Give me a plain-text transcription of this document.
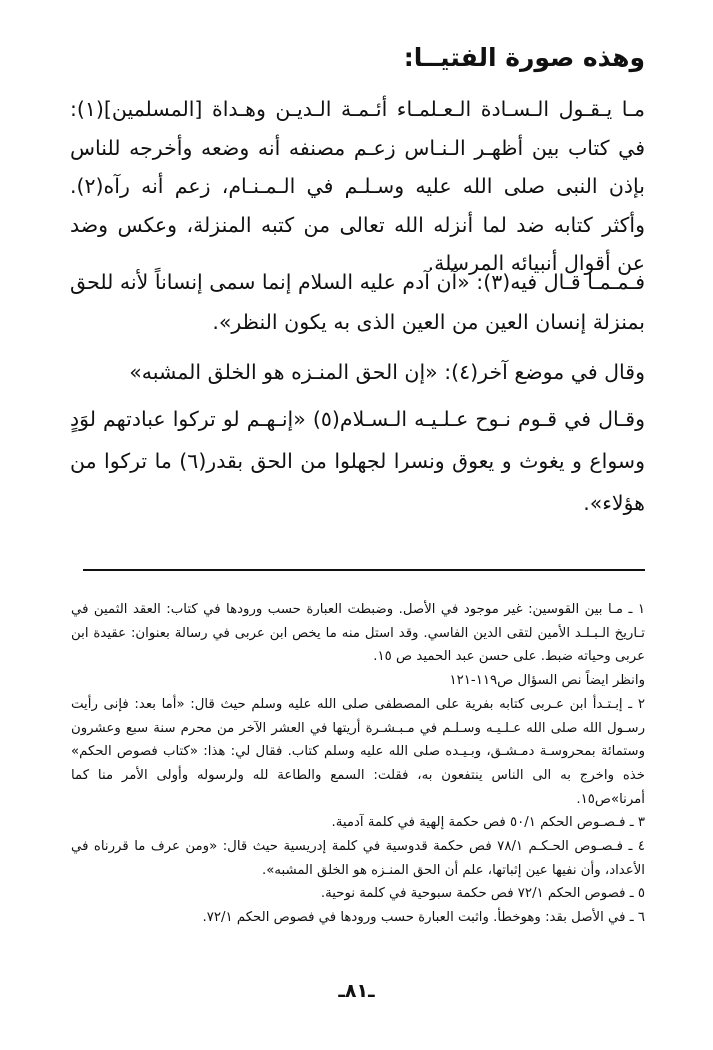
وهذه صورة الفتيــا:

مـا يـقـول الـسـادة الـعـلمـاء أئـمـة الـديـن وهـداة [المسلمين](١): في كتاب بين أظهـر الـنـاس زعـم مصنفه أنه وضعه وأخرجه للناس بإذن النبى صلى الله عليه وسـلـم في الـمـنـام، زعم أنه رآه(٢). وأكثر كتابه ضد لما أنزله الله تعالى من كتبه المنزلة، وعكس وضد عن أقوال أنبيائه المرسلة.

فـمـمـا قـال فيه(٣): «آن آدم عليه السلام إنما سمى إنساناً لأنه للحق بمنزلة إنسان العين من العين الذى به يكون النظر».

وقال في موضع آخر(٤): «إن الحق المنـزه هو الخلق المشبه»

وقـال في قـوم نـوح عـلـيـه الـسـلام(٥) «إنـهـم لو تركوا عبادتهم لوَدٍ وسواع و يغوث و يعوق ونسرا لجهلوا من الحق بقدر(٦) ما تركوا من هؤلاء».

١ ـ مـا بين القوسين: غير موجود في الأصل. وضبطت العبارة حسب ورودها في كتاب: العقد الثمين في تـاريخ الـبـلـد الأمين لتقى الدين الفاسي. وقد استل منه ما يخص ابن عربى في رسالة بعنوان: عقيدة ابن عربى وحياته ضبط. على حسن عبد الحميد ص ١٥.

وانظر ايضاً نص السؤال ص١١٩-١٢١

٢ ـ إبـتـدأ ابن عـربى كتابه بفرية على المصطفى صلى الله عليه وسلم حيث قال: «أما بعد: فإنى رأيت رسـول الله صلى الله عـلـيـه وسـلـم في مـبـشـرة أريتها في العشر الآخر من محرم سنة سبع وعشرون وستمائة بمحروسـة دمـشـق، وبـيـده صلى الله عليه وسلم كتاب. فقال لي: هذا: «كتاب فصوص الحكم» خذه واخرج به الى الناس ينتفعون به، فقلت: السمع والطاعة لله ولرسوله وأولى الأمر منا كما أمرنا»ص١٥.

٣ ـ فـصـوص الحكم ٥٠/١ فص حكمة إلهية في كلمة آدمية.

٤ ـ فـصـوص الحـكـم ٧٨/١ فص حكمة قدوسية في كلمة إدريسية حيث قال: «ومن عرف ما قررناه في الأعداد، وأن نفيها عين إثباتها، علم أن الحق المنـزه هو الخلق المشبه».

٥ ـ فصوص الحكم ٧٢/١ فص حكمة سبوحية في كلمة نوحية.

٦ ـ في الأصل بقد: وهوخطأ. واثبت العبارة حسب ورودها في فصوص الحكم ٧٢/١.

ـ٨١ـ
